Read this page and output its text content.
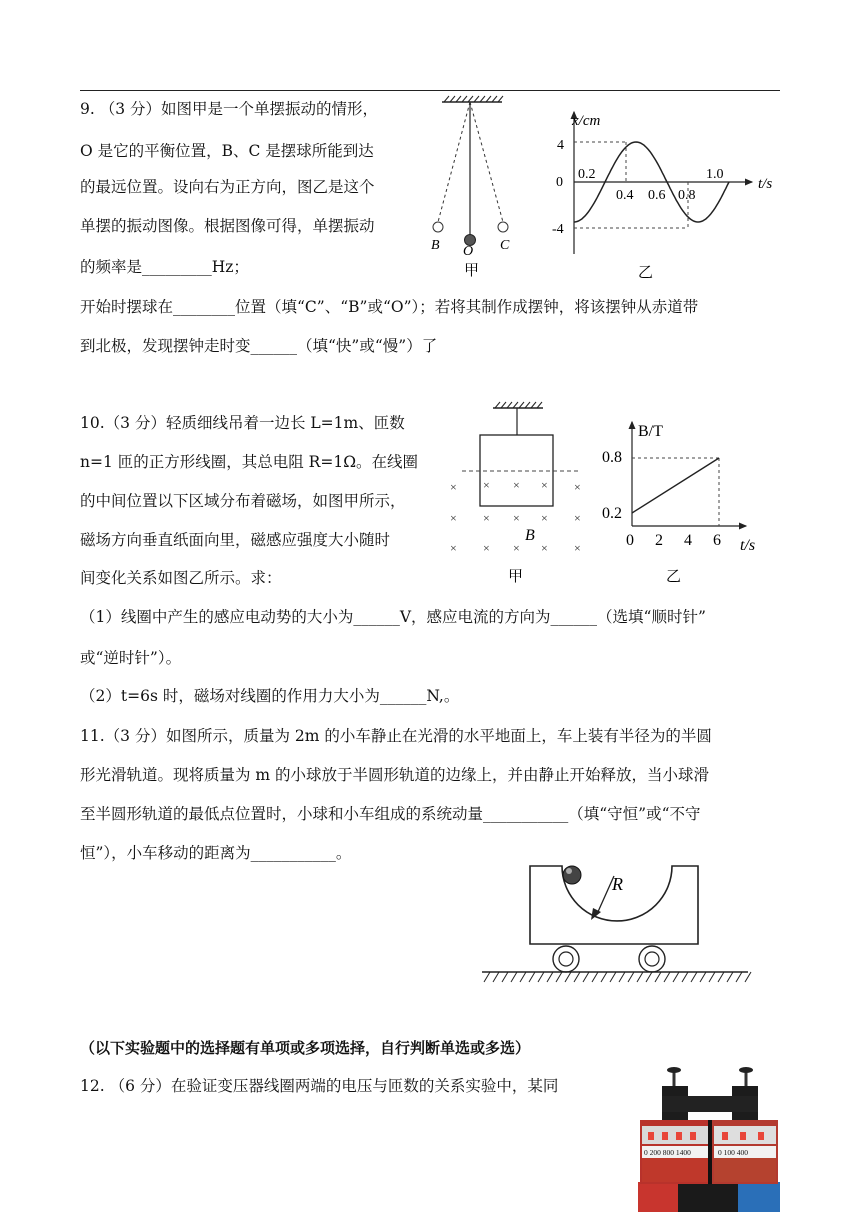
9. （3 分）如图甲是一个单摆振动的情形，
O 是它的平衡位置，B、C 是摆球所能到达
的最远位置。设向右为正方向，图乙是这个
单摆的振动图像。根据图像可得，单摆振动
的频率是_________Hz；
开始时摆球在________位置（填“C”、“B”或“O”）；若将其制作成摆钟，将该摆钟从赤道带
到北极，发现摆钟走时变______（填“快”或“慢”）了
B O C
甲
x/cm
t/s
0
4
-4
0.2
0.4 0.6 0.8
1.0
乙
10.（3 分）轻质细线吊着一边长 L=1m、匝数
n=1 匝的正方形线圈，其总电阻 R=1Ω。在线圈
的中间位置以下区域分布着磁场，如图甲所示，
磁场方向垂直纸面向里，磁感应强度大小随时
间变化关系如图乙所示。求：
（1）线圈中产生的感应电动势的大小为______V，感应电流的方向为______（选填“顺时针”
或“逆时针”）。
（2）t=6s 时，磁场对线圈的作用力大小为______N,。
× × × × ×
× × × × ×
× × × × ×
B
甲
B/T
t/s
0.8
0.2
0 2 4 6
乙
11.（3 分）如图所示，质量为 2m 的小车静止在光滑的水平地面上，车上装有半径为的半圆
形光滑轨道。现将质量为 m 的小球放于半圆形轨道的边缘上，并由静止开始释放，当小球滑
至半圆形轨道的最低点位置时，小球和小车组成的系统动量___________（填“守恒”或“不守
恒”），小车移动的距离为___________。
R
（以下实验题中的选择题有单项或多项选择，自行判断单选或多选）
12. （6 分）在验证变压器线圈两端的电压与匝数的关系实验中，某同
0 200 800 1400	0 100 400
